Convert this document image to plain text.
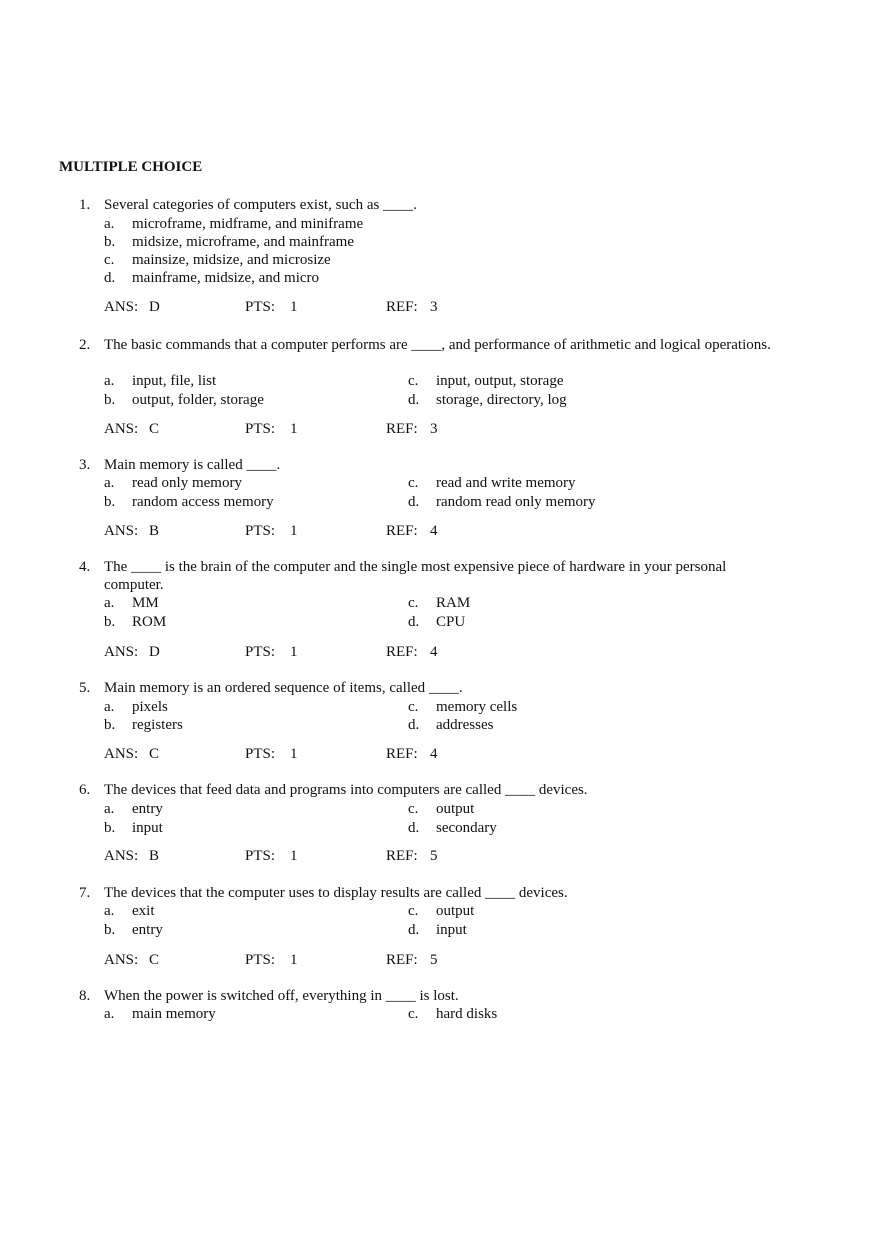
MULTIPLE CHOICE
1. Several categories of computers exist, such as ____.
a. microframe, midframe, and miniframe
b. midsize, microframe, and mainframe
c. mainsize, midsize, and microsize
d. mainframe, midsize, and micro
ANS: D	PTS: 1	REF: 3
2. The basic commands that a computer performs are ____, and performance of arithmetic and logical operations.
a. input, file, list
b. output, folder, storage
c. input, output, storage
d. storage, directory, log
ANS: C	PTS: 1	REF: 3
3. Main memory is called ____.
a. read only memory
b. random access memory
c. read and write memory
d. random read only memory
ANS: B	PTS: 1	REF: 4
4. The ____ is the brain of the computer and the single most expensive piece of hardware in your personal computer.
a. MM
b. ROM
c. RAM
d. CPU
ANS: D	PTS: 1	REF: 4
5. Main memory is an ordered sequence of items, called ____.
a. pixels
b. registers
c. memory cells
d. addresses
ANS: C	PTS: 1	REF: 4
6. The devices that feed data and programs into computers are called ____ devices.
a. entry
b. input
c. output
d. secondary
ANS: B	PTS: 1	REF: 5
7. The devices that the computer uses to display results are called ____ devices.
a. exit
b. entry
c. output
d. input
ANS: C	PTS: 1	REF: 5
8. When the power is switched off, everything in ____ is lost.
a. main memory	c. hard disks
